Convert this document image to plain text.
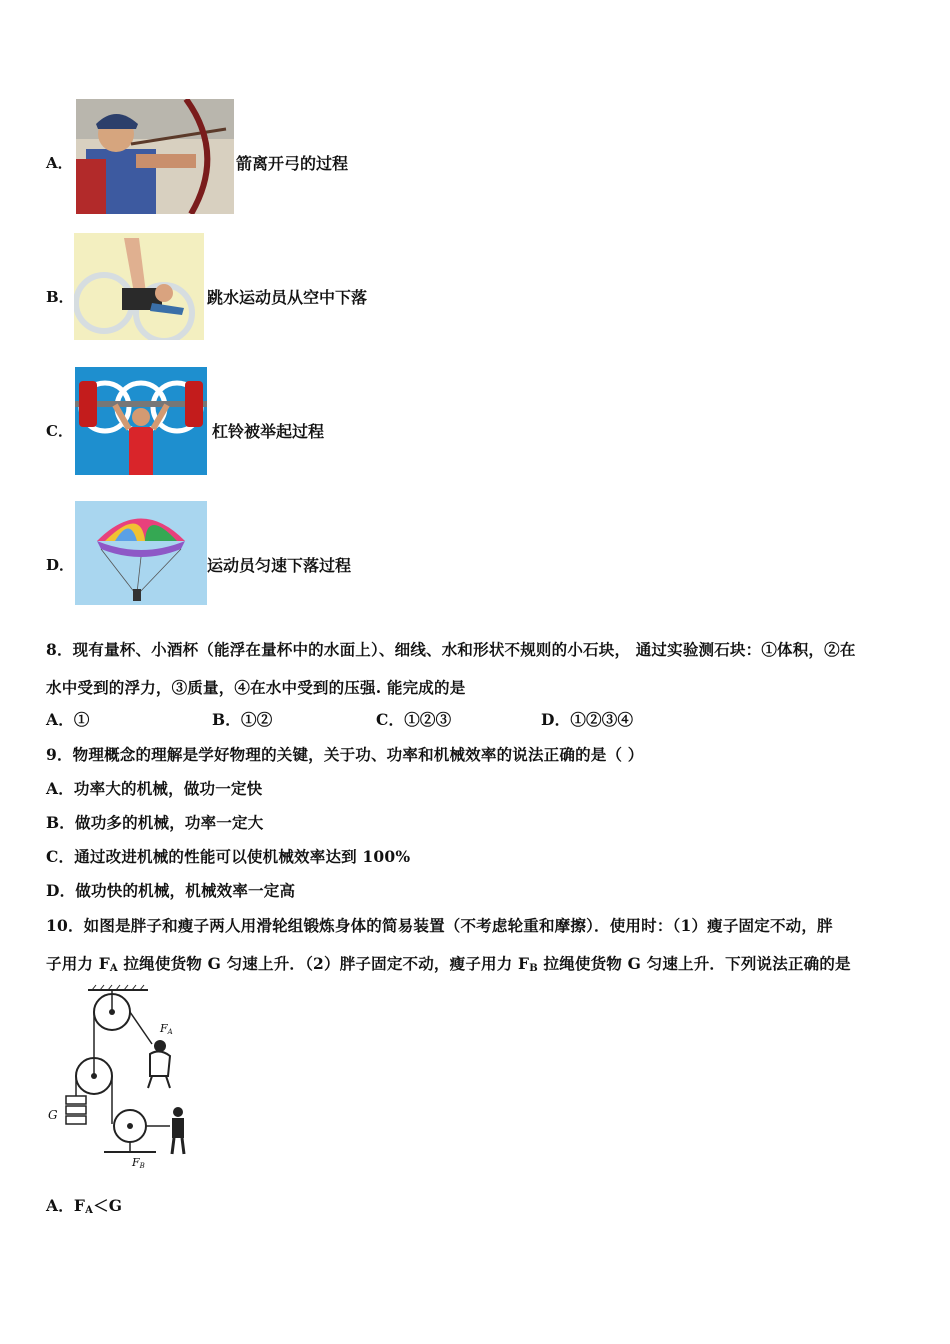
A．	箭离开弓的过程
B．	跳水运动员从空中下落
C．	杠铃被举起过程
D．	运动员匀速下落过程
8．现有量杯、小酒杯（能浮在量杯中的水面上）、细线、水和形状不规则的小石块， 通过实验测石块：①体积，②在
水中受到的浮力，③质量，④在水中受到的压强. 能完成的是
A．①	B．①②	C．①②③	D．①②③④
9．物理概念的理解是学好物理的关键，关于功、功率和机械效率的说法正确的是（ ）
A．功率大的机械，做功一定快
B．做功多的机械，功率一定大
C．通过改进机械的性能可以使机械效率达到 100%
D．做功快的机械，机械效率一定高
10．如图是胖子和瘦子两人用滑轮组锻炼身体的简易装置（不考虑轮重和摩擦）．使用时：（1）瘦子固定不动，胖
子用力 $F_A$ 拉绳使货物 G 匀速上升．（2）胖子固定不动，瘦子用力 $F_B$ 拉绳使货物 G 匀速上升．下列说法正确的是
$F_A$
G
$F_B$
A．$F_A<G$
